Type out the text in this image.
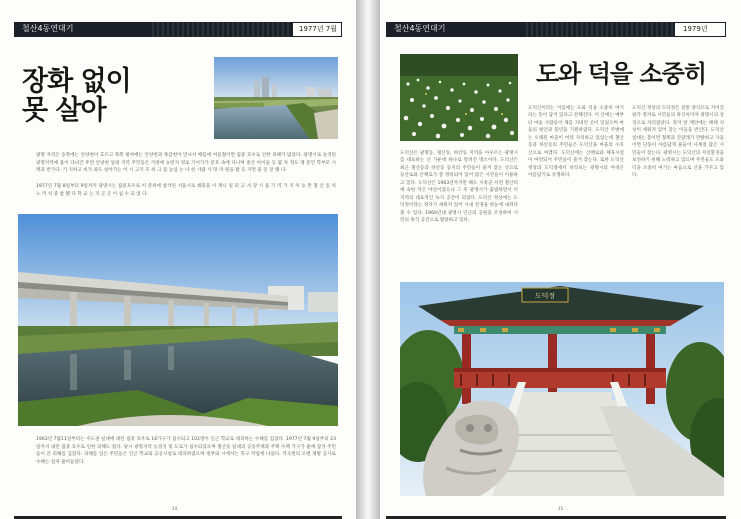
철산4동연대기	1977년 7월
장화 없이
못 살아
광명 지역은 동쪽에는 안양천이 흐르고 북쪽 평야에는 안양천과 목감천이 만나서 배를에 여름철이면 집중 호우로 인한 피해가 많았다. 광명시로 승격된 광명지역에 홈이 다녀간 후면 안양천 일대 지역 주민들은 가방에 농번지 경로 기어가기 문호 속에 다니며 중산 아이들 등 몇 차 정도 제 문민 학부모 시 맥과 반가다. 기 지하고 비가 와도 살아가는 이 시 고지 모 쉬 크 를 농업 논 나 한 사람 사 망 자 원을 활 등 지면 물 등 잘 됐 다.
1977년 7월 8일부터 9일까지 광명시는 집중호우로 이 분위에 참석된 서울시로 쇄풍을 이 계니 일 피 고 서 장 시 흘 기 역 가 지 처 농 촌 철 산 동 처 노 까 치 중 참 됐 다 학 교 는 지 곳 곳 이 침 수 되 었 다.
1963년 7월11일부터는 수도권 일대에 내린 집중 호우로 16가구가 침수되고 102명이 인근 학교로 대피하는 수해를 입었다. 1977년 7월 9일부터 23일까지 내린 집중 호우로 인한 피해도 컸다. 당시 광명지역 농경지 및 도로가 침수되었으며 철산동 일대의 공동주택과 주택 수백 가구가 물에 잠겨 주민들이 큰 피해를 입었다. 피해를 입은 주민들은 인근 학교와 공공시설로 대피하였으며 정부와 시에서는 복구 작업에 나섰다. 역곡천의 오랜 제방 공사로 수해는 점차 줄어들었다.
14
철산4동연대기	1979년
도와 덕을 소중히
도덕산은 광명동, 철산동, 하안동 지역을 아우르는 광명시를 대표하는 산 가운데 하나로 알려진 명소이다. 도덕산은 최근 철산동과 하안동 등지의 주민들이 즐겨 찾는 산으로 등산로와 산책로가 잘 정비되어 있어 많은 시민들이 이용하고 있다. 도덕산은 1963년까지만 해도 시흥군 서면 철산리에 속한 작은 야산이었으나 그 후 광명시가 출범하면서 이 지역의 대표적인 녹지 공간이 되었다. 도덕산 정상에는 도덕정이라는 정자가 세워져 있어 시내 전경을 한눈에 내려다볼 수 있다. 1960년대 광명시 인근의 공원을 조성하여 시민의 휴식 공간으로 활용하고 있다.
도덕산이라는 이름에는 도와 덕을 소중히 여기라는 뜻이 담겨 있다고 전해진다. 이 산에는 예부터 마을 사람들이 제를 지내던 곳이 있었으며 마을의 평안과 풍년을 기원하였다. 도덕산 주변에는 오래된 마을이 여럿 자리하고 있었는데 철산동과 하안동의 주민들은 도덕산을 마을의 수호산으로 여겼다. 도덕산에는 산책로와 체육시설이 마련되어 주민들이 즐겨 찾는다. 또한 도덕산 정상의 도덕정에서 바라보는 광명시의 야경은 아름답기로 유명하다.
도덕산 정상의 도덕정은 전통 양식으로 지어진 팔각 정자로 시민들의 휴식처이자 광명시의 상징으로 자리잡았다. 정자 앞 계단에는 해태 석상이 세워져 있어 찾는 이들을 반긴다. 도덕산 일대는 봄이면 철쭉과 진달래가 만발하고 가을이면 단풍이 아름답게 물들어 사계절 많은 시민들이 찾는다. 광명시는 도덕산의 자연환경을 보전하기 위해 노력하고 있으며 주민들도 도와 덕을 소중히 여기는 마음으로 산을 가꾸고 있다.
도덕정
15
